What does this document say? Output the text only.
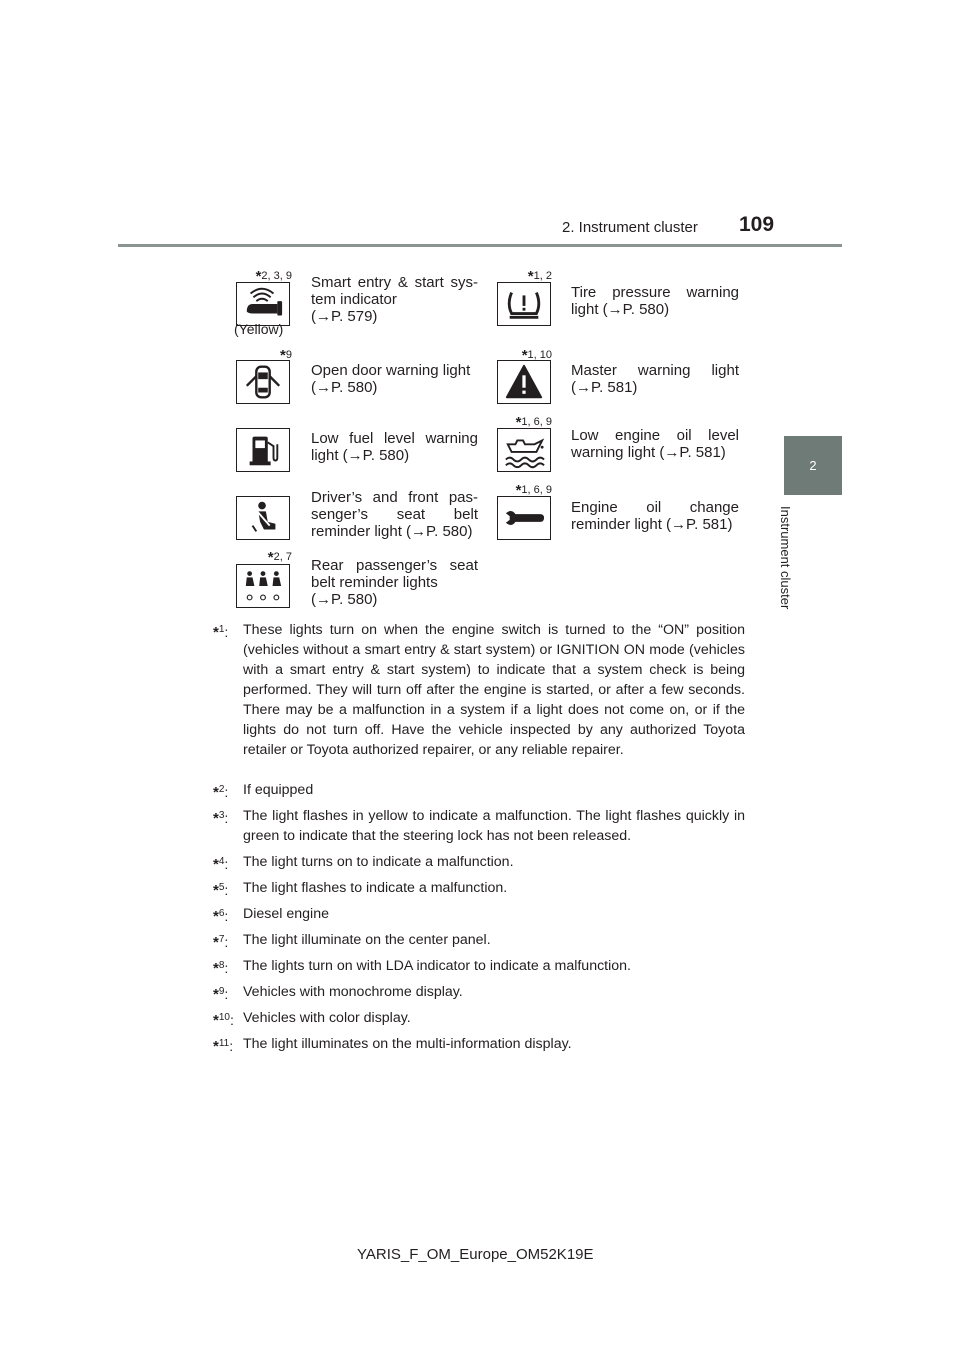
2. Instrument cluster 109
2
Instrument cluster
*2, 3, 9
(Yellow)
Smart entry & start sys-
tem indicator
(→P. 579)
*1, 2
Tire pressure warning
light (→P. 580)
*9
Open door warning light
(→P. 580)
*1, 10
Master warning light
(→P. 581)
Low fuel level warning
light (→P. 580)
*1, 6, 9
Low engine oil level
warning light (→P. 581)
Driver’s and front pas-
senger’s seat belt
reminder light (→P. 580)
*1, 6, 9
Engine oil change
reminder light (→P. 581)
*2, 7 Rear passenger’s seat
belt reminder lights
(→P. 580)
*$^1$:	These lights turn on when the engine switch is turned to the “ON” position (vehicles without a smart entry & start system) or IGNITION ON mode (vehicles with a smart entry & start system) to indicate that a system check is being performed. They will turn off after the engine is started, or after a few seconds. There may be a malfunction in a system if a light does not come on, or if the lights do not turn off. Have the vehicle inspected by any authorized Toyota retailer or Toyota authorized repairer, or any reliable repairer.
*$^2$:	If equipped
*$^3$:	The light flashes in yellow to indicate a malfunction. The light flashes quickly in green to indicate that the steering lock has not been released.
*$^4$:	The light turns on to indicate a malfunction.
*$^5$:	The light flashes to indicate a malfunction.
*$^6$:	Diesel engine
*$^7$:	The light illuminate on the center panel.
*$^8$:	The lights turn on with LDA indicator to indicate a malfunction.
*$^9$:	Vehicles with monochrome display.
*$^{10}$: Vehicles with color display.
*$^{11}$: The light illuminates on the multi-information display.
YARIS_F_OM_Europe_OM52K19E
